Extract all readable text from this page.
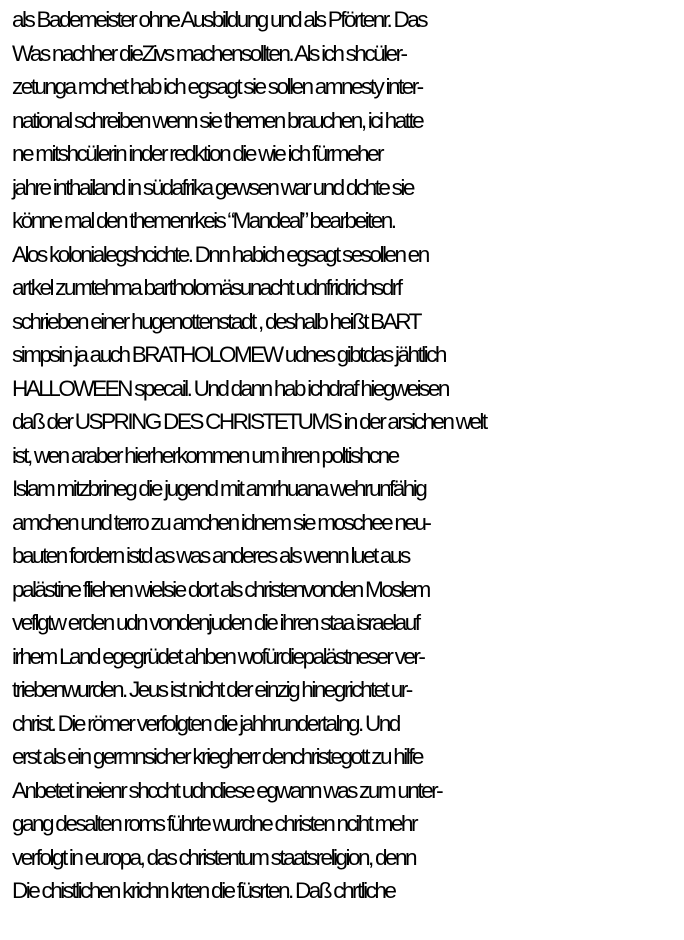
als Bademeister ohne Ausbildung und als Pförtenr. Das
Was nachher dieZivs machensollten. Als ich shcüler-
zetunga mchet hab ich egsagt sie sollen amnesty inter-
national schreiben wenn sie themen brauchen, ici hatte
ne mitshcülerin inder redktion die wie ich fürmeher
jahre inthailand in südafrika gewsen war und dchte sie
könne mal den themenrkeis “Mandeal” bearbeiten.
Alos kolonialegshcichte. Dnn habich egsagt sesollen en
artkel zumtehma bartholomäsunacht udnfridrichsdrf
schrieben einer hugenottenstadt , deshalb heißt BART
simpsin ja auch BRATHOLOMEW udnes gibtdas jähtlich
HALLOWEEN specail. Und dann hab ichdraf hiegweisen
daß der USPRING DES CHRISTETUMS in der arsichen welt
ist, wen araber hierherkommen um ihren poltishcne
Islam mitzbrineg die jugend mit amrhuana wehrunfähig
amchen und terro zu amchen idnem sie moschee neu-
bauten fordern istd as was anderes als wenn luet aus
palästine fliehen wielsie dort als christenvonden Moslem
veflgtw erden udn vondenjuden die ihren staa israelauf
irhem Land egegrüdet ahben wofürdiepalästneser ver-
triebenwurden. Jeus ist nicht der einzig hinegrichtet ur-
christ. Die römer verfolgten die jahhrundertalng. Und
erst als ein germnsicher kriegherr denchristegott zu hilfe
Anbetet ineienr shccht udndiese egwann was zum unter-
gang desalten roms führte wurdne christen nciht mehr
verfolgt in europa, das christentum staatsreligion, denn
Die chistlichen krichn krten die füsrten. Daß chrtliche
